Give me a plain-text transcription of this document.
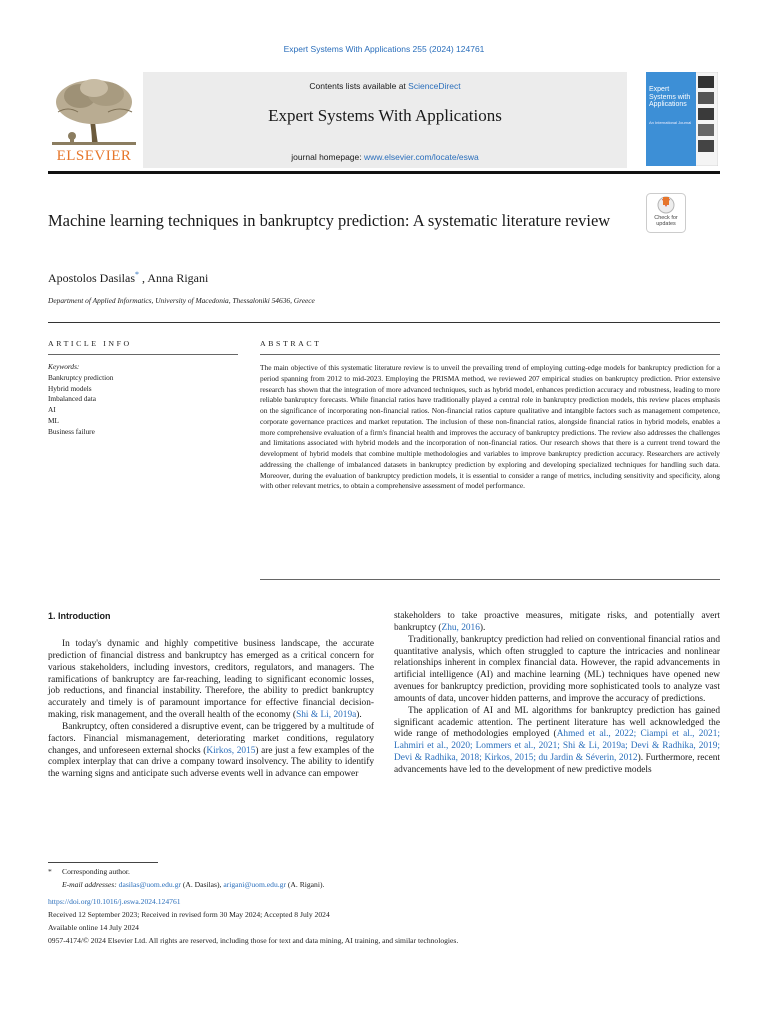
Expert Systems With Applications 255 (2024) 124761
ELSEVIER
Contents lists available at ScienceDirect
Expert Systems With Applications
journal homepage: www.elsevier.com/locate/eswa
Expert Systems with Applications
An International Journal
Check for updates
Machine learning techniques in bankruptcy prediction: A systematic literature review
Apostolos Dasilas* , Anna Rigani
Department of Applied Informatics, University of Macedonia, Thessaloniki 54636, Greece
ARTICLE INFO
Keywords:
Bankruptcy prediction
Hybrid models
Imbalanced data
AI
ML
Business failure
ABSTRACT
The main objective of this systematic literature review is to unveil the prevailing trend of employing cutting-edge models for bankruptcy prediction for a period spanning from 2012 to mid-2023. Employing the PRISMA method, we reviewed 207 empirical studies on bankruptcy prediction. Prior extensive research has shown that the integration of more advanced techniques, such as hybrid model, enhances prediction accuracy and robustness, leading to more reliable bankruptcy forecasts. While financial ratios have traditionally played a central role in bankruptcy prediction models, this review places emphasis on the significance of incorporating non-financial ratios. Non-financial ratios capture qualitative and intangible factors such as management competence, corporate governance practices and market reputation. The inclusion of these non-financial ratios, alongside financial ratios in hybrid models, enables a more comprehensive evaluation of a firm's financial health and improves the accuracy of bankruptcy predictions. The review also addresses the challenges and limitations associated with hybrid models and the incorporation of non-financial ratios. Our research shows that there is a current trend toward the development of hybrid models that combine multiple methodologies and variables to improve bankruptcy prediction accuracy. Researchers are actively addressing the challenge of imbalanced datasets in bankruptcy prediction by exploring and developing specialized techniques for handling such data. Moreover, during the evaluation of bankruptcy prediction models, it is essential to consider a range of metrics, including sensitivity and specificity, along with other relevant metrics, to obtain a comprehensive assessment of model performance.
1. Introduction

In today's dynamic and highly competitive business landscape, the accurate prediction of financial distress and bankruptcy has emerged as a critical concern for various stakeholders, including investors, creditors, regulators, and managers. The ramifications of bankruptcy are far-reaching, leading to significant economic losses, job reductions, and financial instability. Therefore, the ability to predict bankruptcy accurately and timely is of paramount importance for effective financial decision-making, risk management, and the overall health of the economy (Shi & Li, 2019a).

Bankruptcy, often considered a disruptive event, can be triggered by a multitude of factors. Financial mismanagement, deteriorating market conditions, regulatory changes, and unforeseen external shocks (Kirkos, 2015) are just a few examples of the complex interplay that can drive a company toward insolvency. The ability to identify the warning signs and anticipate such adverse events well in advance can empower

stakeholders to take proactive measures, mitigate risks, and potentially avert bankruptcy (Zhu, 2016).

Traditionally, bankruptcy prediction had relied on conventional financial ratios and quantitative analysis, which often struggled to capture the intricacies and nonlinear relationships inherent in complex financial data. However, the rapid advancements in artificial intelligence (AI) and machine learning (ML) techniques have opened new avenues for bankruptcy prediction, providing more sophisticated tools to analyze vast amounts of data, uncover hidden patterns, and improve the accuracy of predictions.

The application of AI and ML algorithms for bankruptcy prediction has gained significant academic attention. The pertinent literature has well acknowledged the wide range of methodologies employed (Ahmed et al., 2022; Ciampi et al., 2021; Lahmiri et al., 2020; Lommers et al., 2021; Shi & Li, 2019a; Devi & Radhika, 2019; Devi & Radhika, 2018; Kirkos, 2015; du Jardin & Séverin, 2012). Furthermore, recent advancements have led to the development of new predictive models

* Corresponding author.
E-mail addresses: dasilas@uom.edu.gr (A. Dasilas), arigani@uom.edu.gr (A. Rigani).
https://doi.org/10.1016/j.eswa.2024.124761
Received 12 September 2023; Received in revised form 30 May 2024; Accepted 8 July 2024
Available online 14 July 2024
0957-4174/© 2024 Elsevier Ltd. All rights are reserved, including those for text and data mining, AI training, and similar technologies.
